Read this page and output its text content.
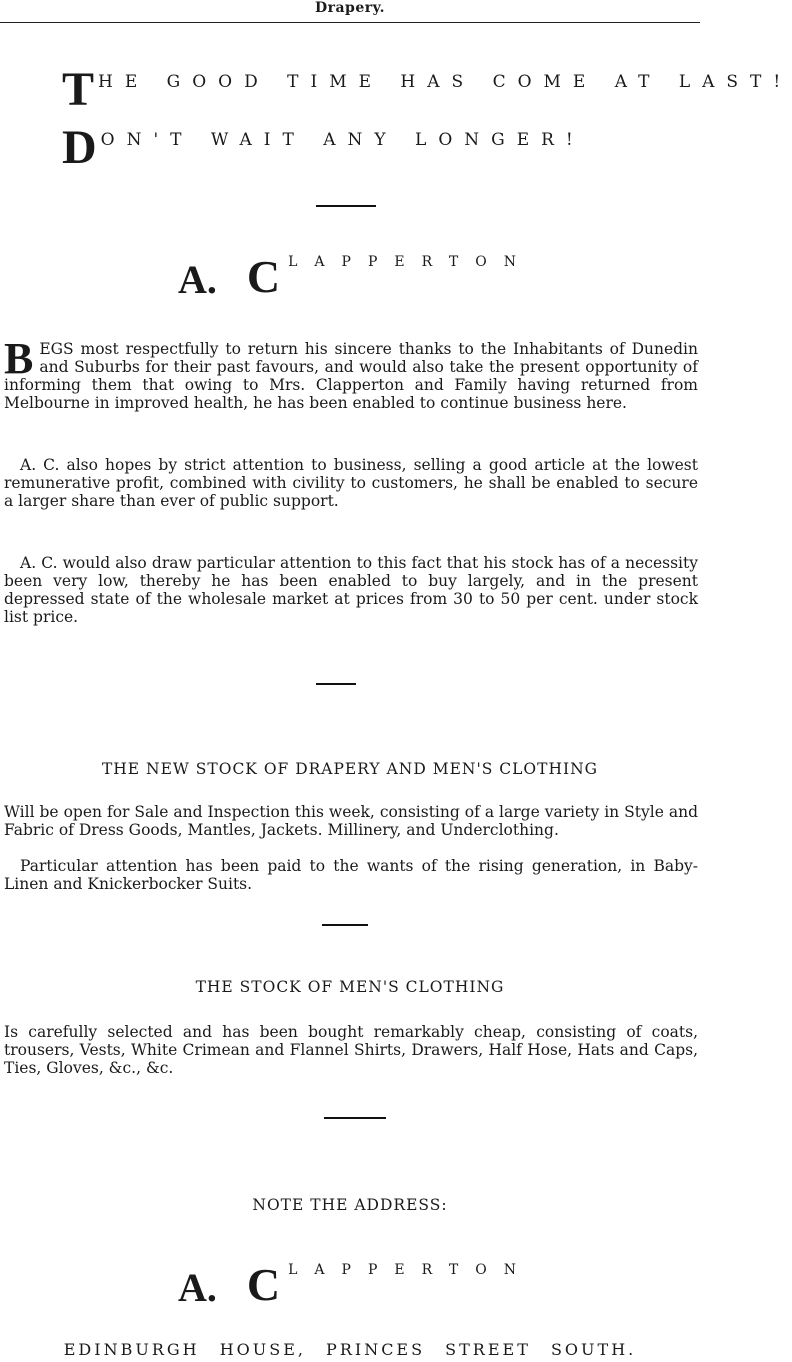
Drapery.
T HE GOOD TIME HAS COME AT LAST!
D ON'T WAIT ANY LONGER!
A. C LAPPERTON
BEGS most respectfully to return his sincere thanks to the Inhabitants of Dunedin and Suburbs for their past favours, and would also take the present opportunity of informing them that owing to Mrs. Clapperton and Family having returned from Melbourne in improved health, he has been enabled to continue business here.
A. C. also hopes by strict attention to business, selling a good article at the lowest remunerative profit, combined with civility to customers, he shall be enabled to secure a larger share than ever of public support.
A. C. would also draw particular attention to this fact that his stock has of a necessity been very low, thereby he has been enabled to buy largely, and in the present depressed state of the wholesale market at prices from 30 to 50 per cent. under stock list price.
THE NEW STOCK OF DRAPERY AND MEN'S CLOTHING
Will be open for Sale and Inspection this week, consisting of a large variety in Style and Fabric of Dress Goods, Mantles, Jackets. Millinery, and Underclothing.
Particular attention has been paid to the wants of the rising generation, in Baby-Linen and Knickerbocker Suits.
THE STOCK OF MEN'S CLOTHING
Is carefully selected and has been bought remarkably cheap, consisting of coats, trousers, Vests, White Crimean and Flannel Shirts, Drawers, Half Hose, Hats and Caps, Ties, Gloves, &c., &c.
NOTE THE ADDRESS:
A. C LAPPERTON
EDINBURGH HOUSE, PRINCES STREET SOUTH.
